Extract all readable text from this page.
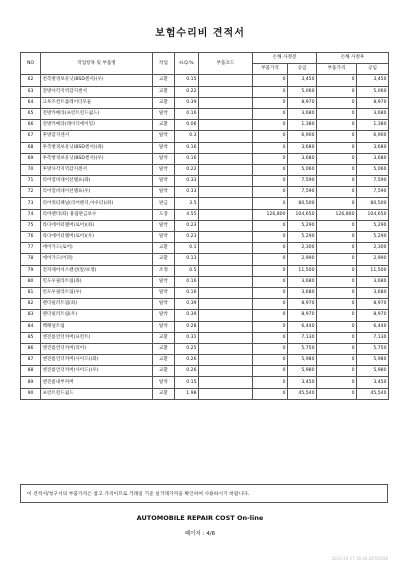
보험수리비 견적서
NO	작업항목 및 부품명	작업	H.Q.%	부품코드	손해 사정전		손해 사정후	
					부품가격	공임	부품가격	공임
62	전측방경보유닛(BSD센서)(우)	교환	0.15		0	3,450	0	3,450
63	전방사각지역감지센서	교환	0.22		0	5,060	0	5,060
64	크루즈컨트롤레이더모듈	교환	0.39		0	8,970	0	8,970
65	전방카메라(프런트윈드쉴드)	탈착	0.16		0	3,680	0	3,680
66	전방카메라(레이더에이밍)	교환	0.06		0	1,380	0	1,380
67	후방감지센서	탈착	0.3		0	6,900	0	6,900
68	후측방경보유닛(BSD센서)(좌)	탈착	0.16		0	3,680	0	3,680
69	후측방경보유닛(BSD센서)(우)	탈착	0.16		0	3,680	0	3,680
70	후방사각지역감지센서	탈착	0.22		0	5,060	0	5,060
71	리어컴비네이션램프(좌)	탈착	0.33		0	7,590	0	7,590
72	리어컴비네이션램프(우)	탈착	0.33		0	7,590	0	7,590
73	리어쿼터패널(리어펜더,아우터)(좌)	판금	3.5		0	80,500	0	80,500
74	리어펜더(좌) 용접판금보수	도장	4.55		126,800	104,650	126,800	104,650
75	라디에이터램버(로어)(좌)	탈착	0.23		0	5,290	0	5,290
76	라디에이터램버(로어)(우)	탈착	0.23		0	5,290	0	5,290
77	에어가드(로어)	교환	0.1		0	2,300	0	2,300
78	에어가드(어퍼)	교환	0.13		0	2,990	0	2,990
79	전자제어서스펜션(앞/보정)	조정	0.5		0	11,500	0	11,500
80	윈도우필라트림(좌)	탈착	0.16		0	3,680	0	3,680
81	윈도우필라트림(우)	탈착	0.16		0	3,680	0	3,680
82	펜더필러트림(좌)	탈착	0.39		0	8,970	0	8,970
83	펜더필러트림(우)	탈착	0.39		0	8,970	0	8,970
84	백패널트림	탈착	0.28		0	6,440	0	6,440
85	엔진룸언더커버(프런트)	교환	0.31		0	7,130	0	7,130
86	엔진룸언더커버(리어)	교환	0.25		0	5,750	0	5,750
87	엔진룸언더커버(사이드)(좌)	교환	0.26		0	5,980	0	5,980
88	엔진룸언더커버(사이드)(우)	교환	0.26		0	5,980	0	5,980
89	엔진룸내부커버	탈착	0.15		0	3,450	0	3,450
90	프런트윈드쉴드	교환	1.98		0	45,540	0	45,540
이 견적서/청구서의 부품가격은 참고 가격이므로 거래일 기준 실거래가격을 확인하여 사용하시기 바랍니다.
AUTOMOBILE REPAIR COST On-line
페이지 : 4/6
2023-10-17 16:44:20 K2036
